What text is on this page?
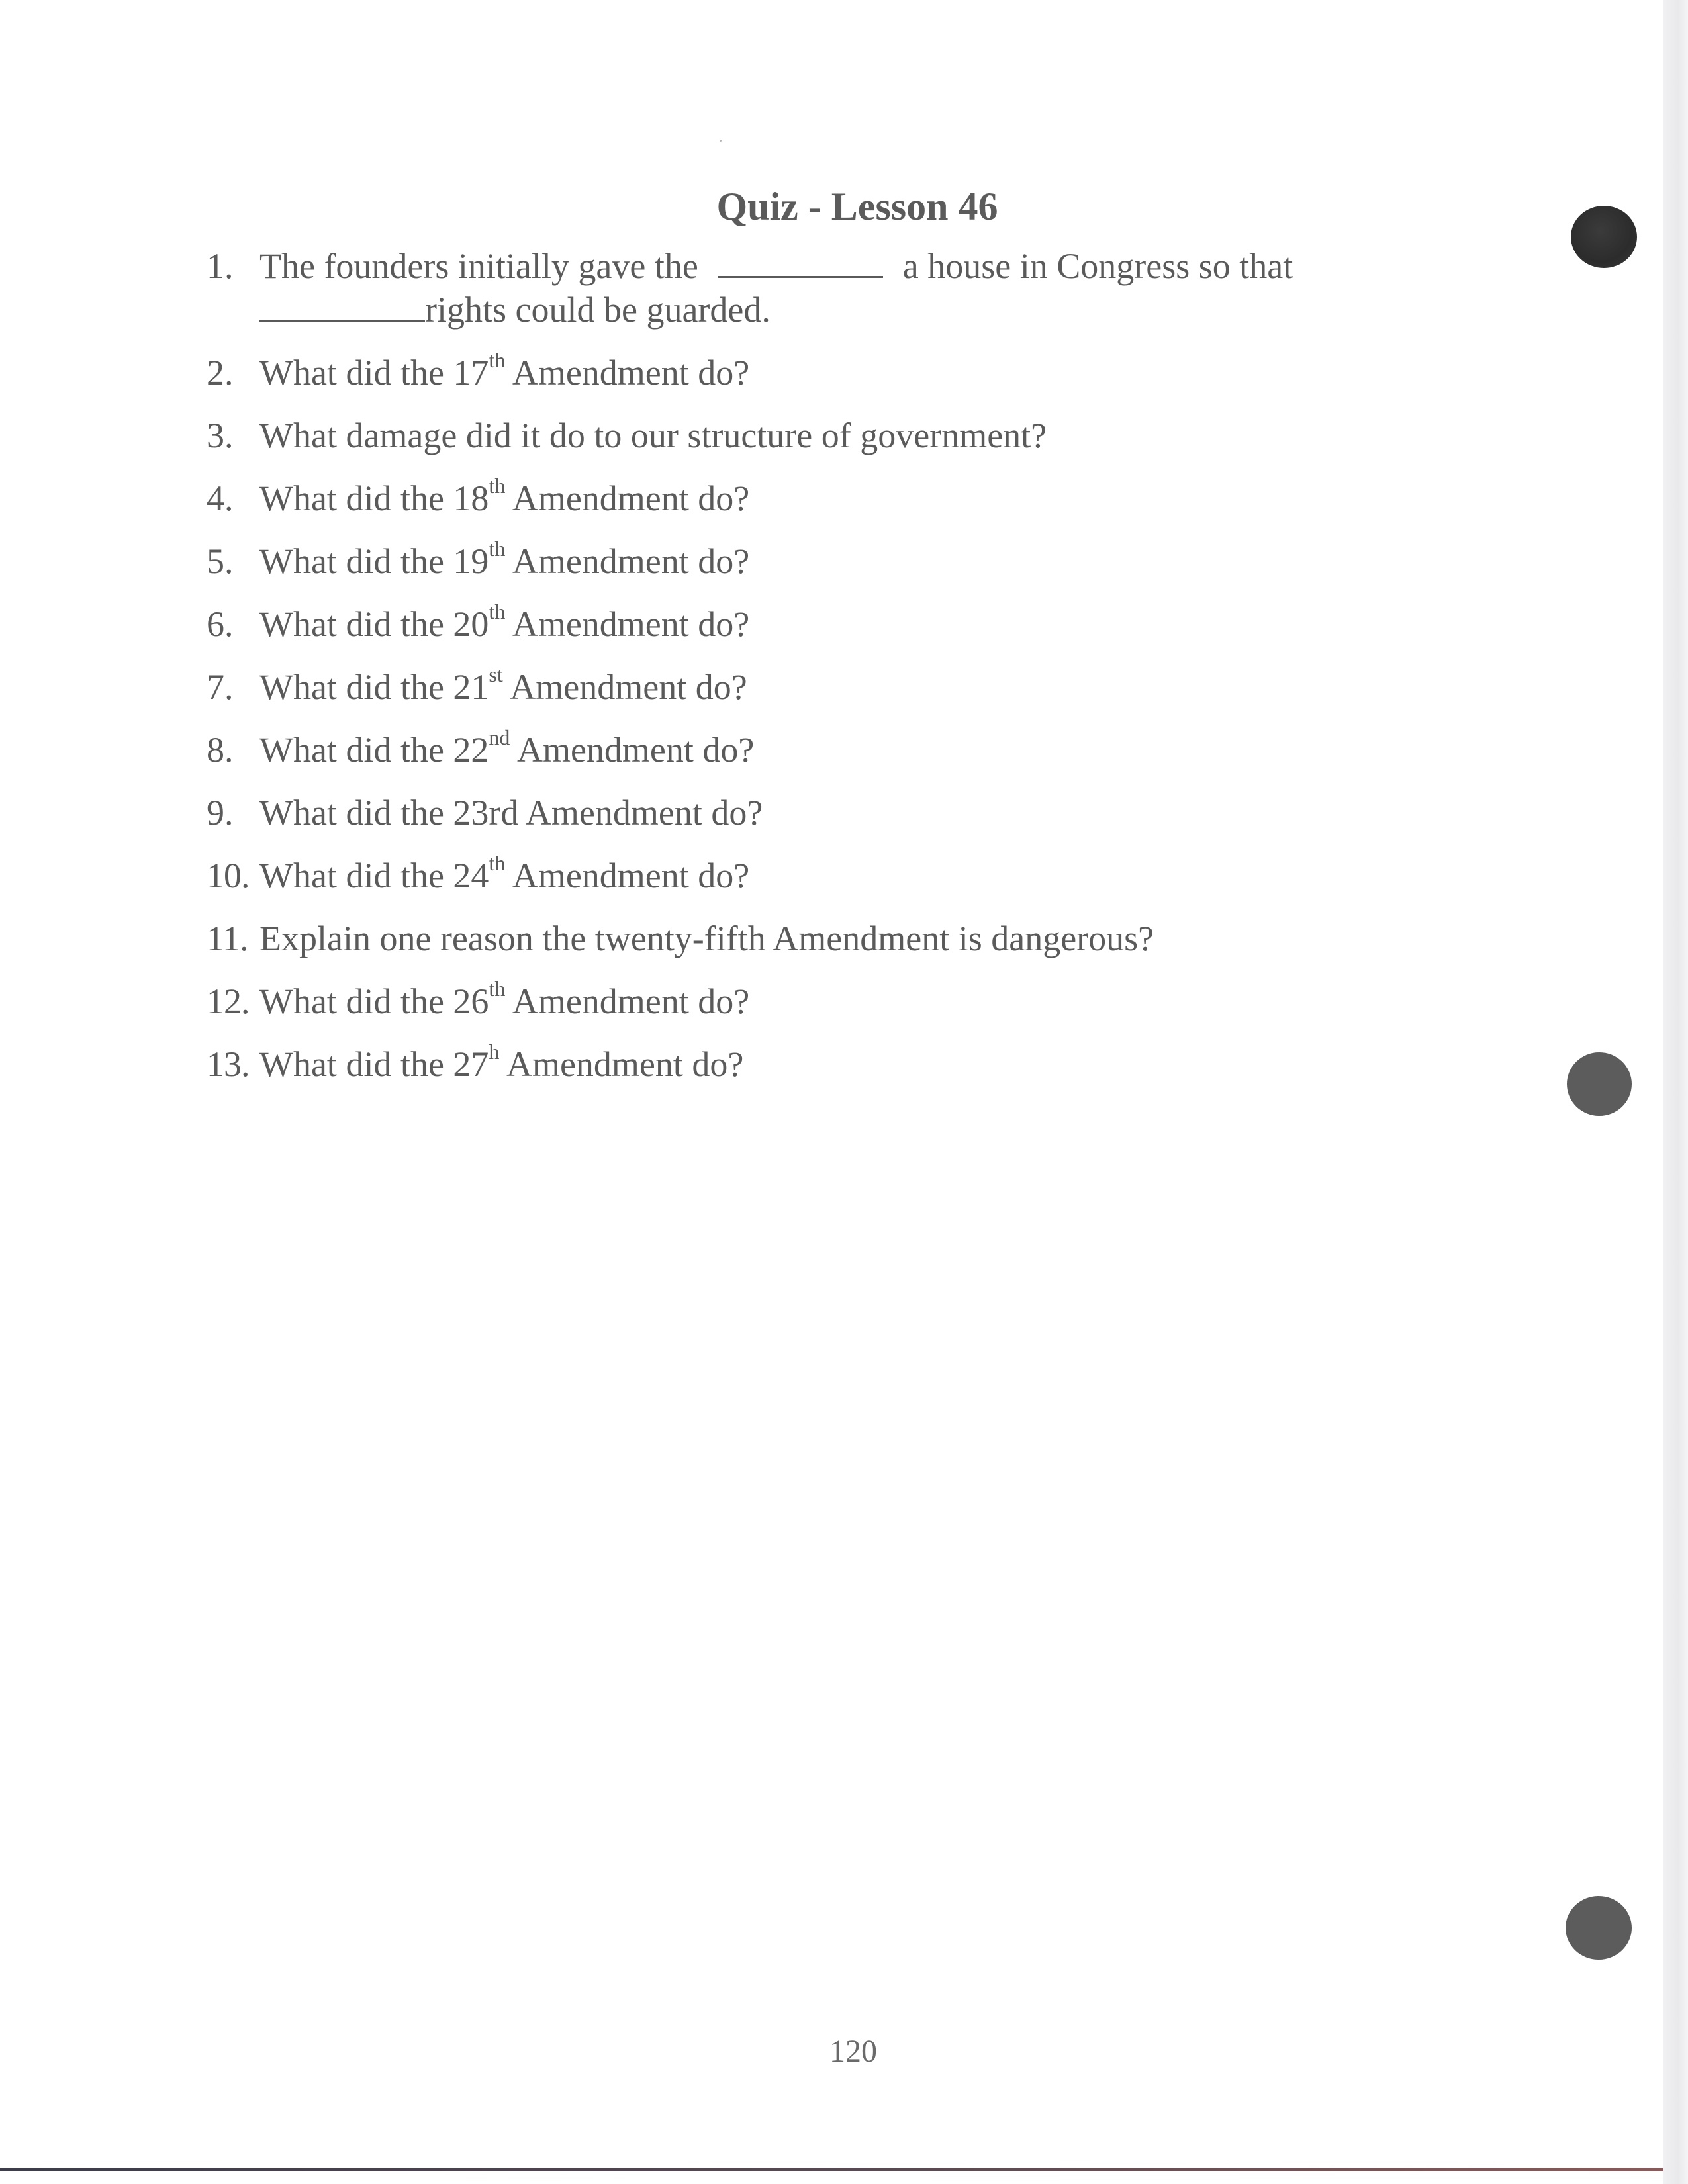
Quiz - Lesson 46
1. The founders initially gave the	a house in Congress so that
rights could be guarded.
2. What did the 17th Amendment do?
3. What damage did it do to our structure of government?
4. What did the 18th Amendment do?
5. What did the 19th Amendment do?
6. What did the 20th Amendment do?
7. What did the 21st Amendment do?
8. What did the 22nd Amendment do?
9. What did the 23rd Amendment do?
10. What did the 24th Amendment do?
11. Explain one reason the twenty-fifth Amendment is dangerous?
12. What did the 26th Amendment do?
13. What did the 27$^h$ Amendment do?
120
